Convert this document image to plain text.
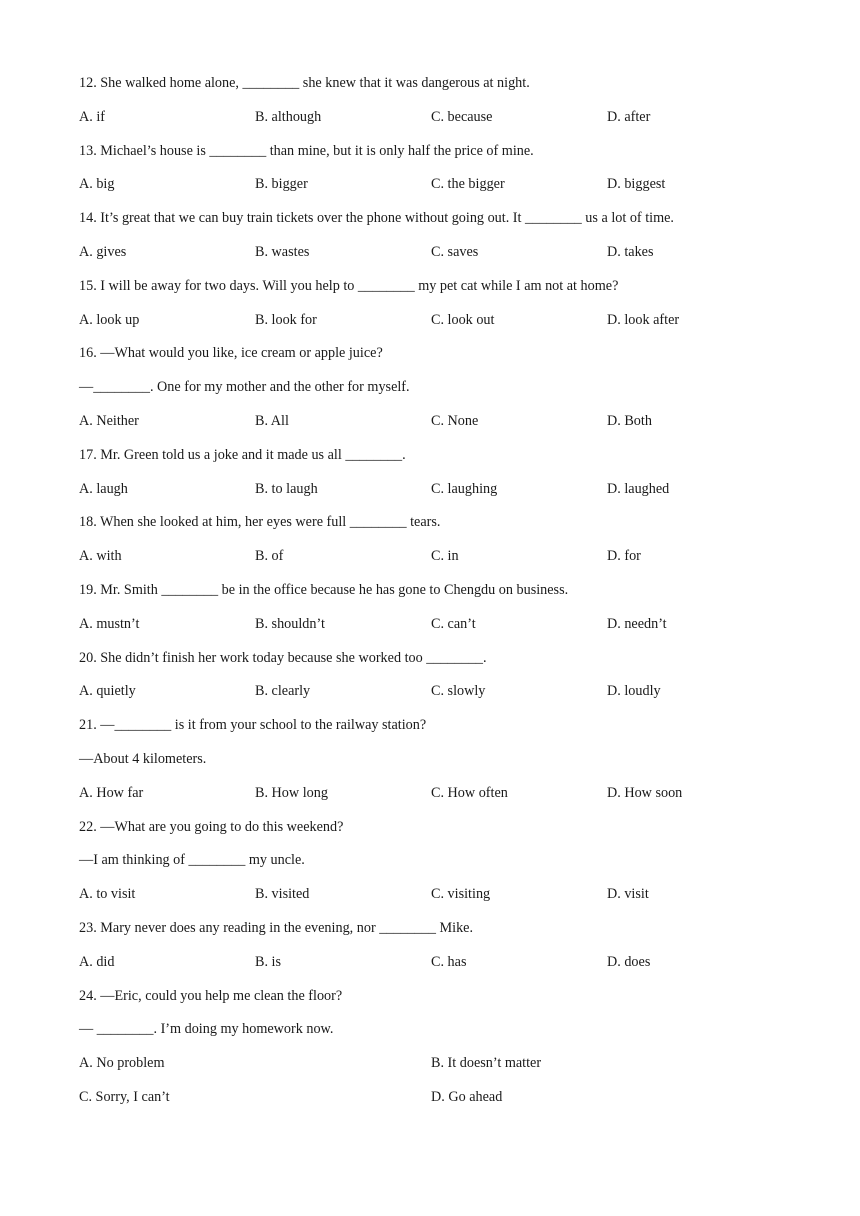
12. She walked home alone, ________ she knew that it was dangerous at night.
A. if	B. although	C. because	D. after
13. Michael’s house is ________ than mine, but it is only half the price of mine.
A. big	B. bigger	C. the bigger	D. biggest
14. It’s great that we can buy train tickets over the phone without going out. It ________ us a lot of time.
A. gives	B. wastes	C. saves	D. takes
15. I will be away for two days. Will you help to ________ my pet cat while I am not at home?
A. look up	B. look for	C. look out	D. look after
16. —What would you like, ice cream or apple juice?
—________. One for my mother and the other for myself.
A. Neither	B. All	C. None	D. Both
17. Mr. Green told us a joke and it made us all ________.
A. laugh	B. to laugh	C. laughing	D. laughed
18. When she looked at him, her eyes were full ________ tears.
A. with	B. of	C. in	D. for
19. Mr. Smith ________ be in the office because he has gone to Chengdu on business.
A. mustn’t	B. shouldn’t	C. can’t	D. needn’t
20. She didn’t finish her work today because she worked too ________.
A. quietly	B. clearly	C. slowly	D. loudly
21. —________ is it from your school to the railway station?
—About 4 kilometers.
A. How far	B. How long	C. How often	D. How soon
22. —What are you going to do this weekend?
—I am thinking of ________ my uncle.
A. to visit	B. visited	C. visiting	D. visit
23. Mary never does any reading in the evening, nor ________ Mike.
A. did	B. is	C. has	D. does
24. —Eric, could you help me clean the floor?
— ________. I’m doing my homework now.
A. No problem	B. It doesn’t matter
C. Sorry, I can’t	D. Go ahead
